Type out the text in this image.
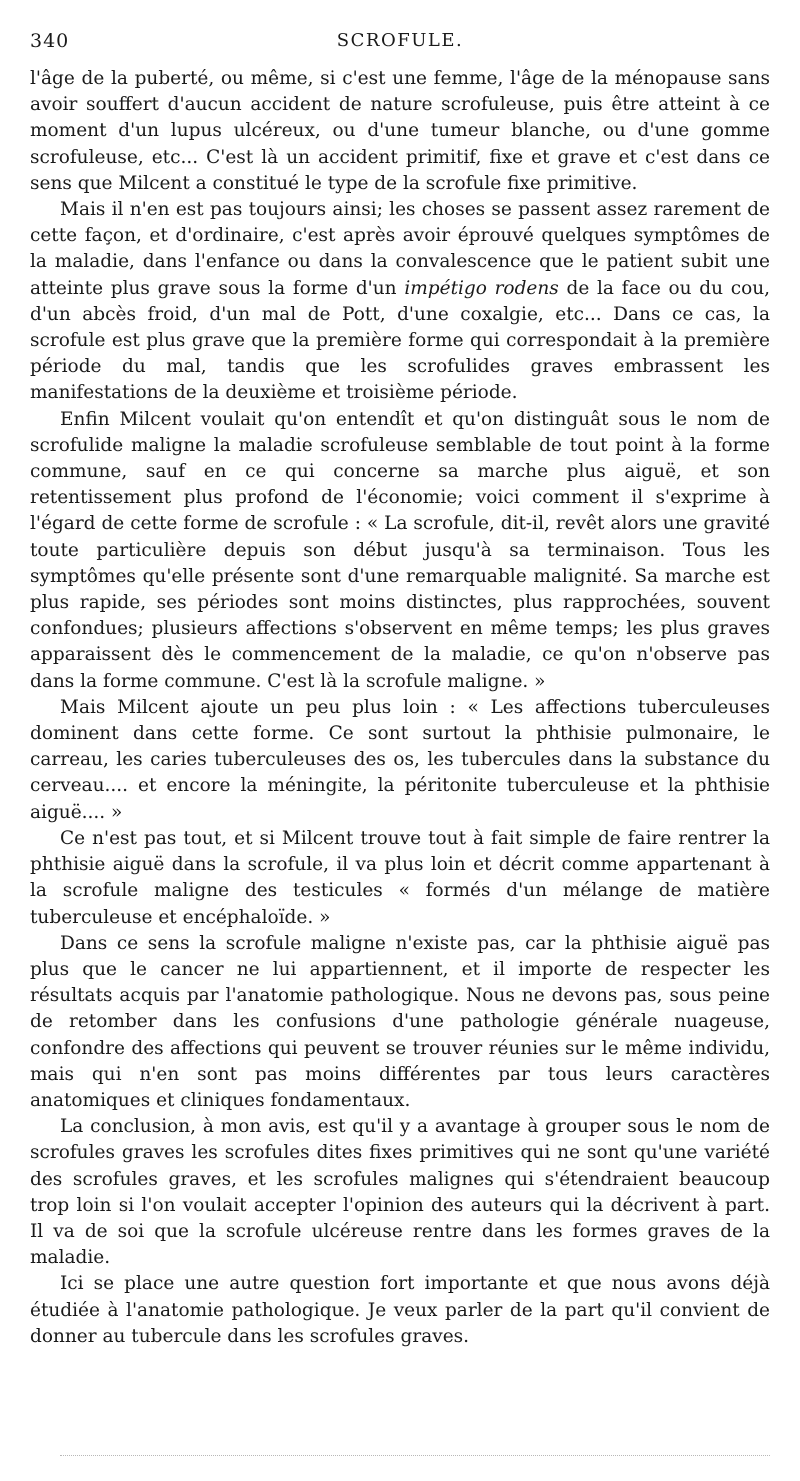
340	SCROFULE.

l'âge de la puberté, ou même, si c'est une femme, l'âge de la ménopause sans avoir souffert d'aucun accident de nature scrofuleuse, puis être atteint à ce moment d'un lupus ulcéreux, ou d'une tumeur blanche, ou d'une gomme scrofuleuse, etc... C'est là un accident primitif, fixe et grave et c'est dans ce sens que Milcent a constitué le type de la scrofule fixe primitive.

Mais il n'en est pas toujours ainsi; les choses se passent assez rarement de cette façon, et d'ordinaire, c'est après avoir éprouvé quelques symptômes de la maladie, dans l'enfance ou dans la convalescence que le patient subit une atteinte plus grave sous la forme d'un impétigo rodens de la face ou du cou, d'un abcès froid, d'un mal de Pott, d'une coxalgie, etc... Dans ce cas, la scrofule est plus grave que la première forme qui correspondait à la première période du mal, tandis que les scrofulides graves embrassent les manifestations de la deuxième et troisième période.

Enfin Milcent voulait qu'on entendît et qu'on distinguât sous le nom de scrofulide maligne la maladie scrofuleuse semblable de tout point à la forme commune, sauf en ce qui concerne sa marche plus aiguë, et son retentissement plus profond de l'économie; voici comment il s'exprime à l'égard de cette forme de scrofule : « La scrofule, dit-il, revêt alors une gravité toute particulière depuis son début jusqu'à sa terminaison. Tous les symptômes qu'elle présente sont d'une remarquable malignité. Sa marche est plus rapide, ses périodes sont moins distinctes, plus rapprochées, souvent confondues; plusieurs affections s'observent en même temps; les plus graves apparaissent dès le commencement de la maladie, ce qu'on n'observe pas dans la forme commune. C'est là la scrofule maligne. »

Mais Milcent ajoute un peu plus loin : « Les affections tuberculeuses dominent dans cette forme. Ce sont surtout la phthisie pulmonaire, le carreau, les caries tuberculeuses des os, les tubercules dans la substance du cerveau.... et encore la méningite, la péritonite tuberculeuse et la phthisie aiguë.... »

Ce n'est pas tout, et si Milcent trouve tout à fait simple de faire rentrer la phthisie aiguë dans la scrofule, il va plus loin et décrit comme appartenant à la scrofule maligne des testicules « formés d'un mélange de matière tuberculeuse et encéphaloïde. »

Dans ce sens la scrofule maligne n'existe pas, car la phthisie aiguë pas plus que le cancer ne lui appartiennent, et il importe de respecter les résultats acquis par l'anatomie pathologique. Nous ne devons pas, sous peine de retomber dans les confusions d'une pathologie générale nuageuse, confondre des affections qui peuvent se trouver réunies sur le même individu, mais qui n'en sont pas moins différentes par tous leurs caractères anatomiques et cliniques fondamentaux.

La conclusion, à mon avis, est qu'il y a avantage à grouper sous le nom de scrofules graves les scrofules dites fixes primitives qui ne sont qu'une variété des scrofules graves, et les scrofules malignes qui s'étendraient beaucoup trop loin si l'on voulait accepter l'opinion des auteurs qui la décrivent à part. Il va de soi que la scrofule ulcéreuse rentre dans les formes graves de la maladie.

Ici se place une autre question fort importante et que nous avons déjà étudiée à l'anatomie pathologique. Je veux parler de la part qu'il convient de donner au tubercule dans les scrofules graves.
